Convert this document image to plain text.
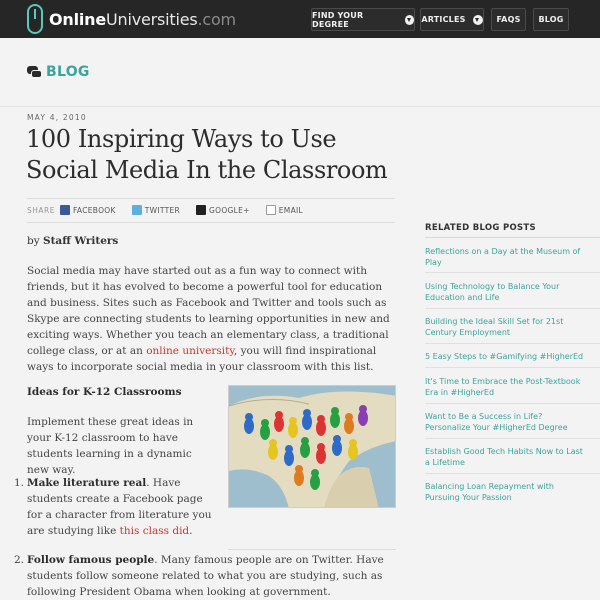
OnlineUniversities.com	FIND YOUR DEGREE	ARTICLES	FAQS BLOG
BLOG
MAY 4, 2010
100 Inspiring Ways to Use Social Media In the Classroom
SHARE FACEBOOK	TWITTER	GOOGLE+	EMAIL
by Staff Writers

Social media may have started out as a fun way to connect with friends, but it has evolved to become a powerful tool for education and business. Sites such as Facebook and Twitter and tools such as Skype are connecting students to learning opportunities in new and exciting ways. Whether you teach an elementary class, a traditional college class, or at an online university, you will find inspirational ways to incorporate social media in your classroom with this list.

Ideas for K-12 Classrooms

Implement these great ideas in your K-12 classroom to have students learning in a dynamic new way.

1. Make literature real. Have students create a Facebook page for a character from literature you are studying like this class did.
2. Follow famous people. Many famous people are on Twitter. Have students follow someone related to what you are studying, such as following President Obama when looking at government.
RELATED BLOG POSTS
Reflections on a Day at the Museum of Play
Using Technology to Balance Your Education and Life
Building the Ideal Skill Set for 21st Century Employment
5 Easy Steps to #Gamifying #HigherEd
It's Time to Embrace the Post-Textbook Era in #HigherEd
Want to Be a Success in Life? Personalize Your #HigherEd Degree
Establish Good Tech Habits Now to Last a Lifetime
Balancing Loan Repayment with Pursuing Your Passion
